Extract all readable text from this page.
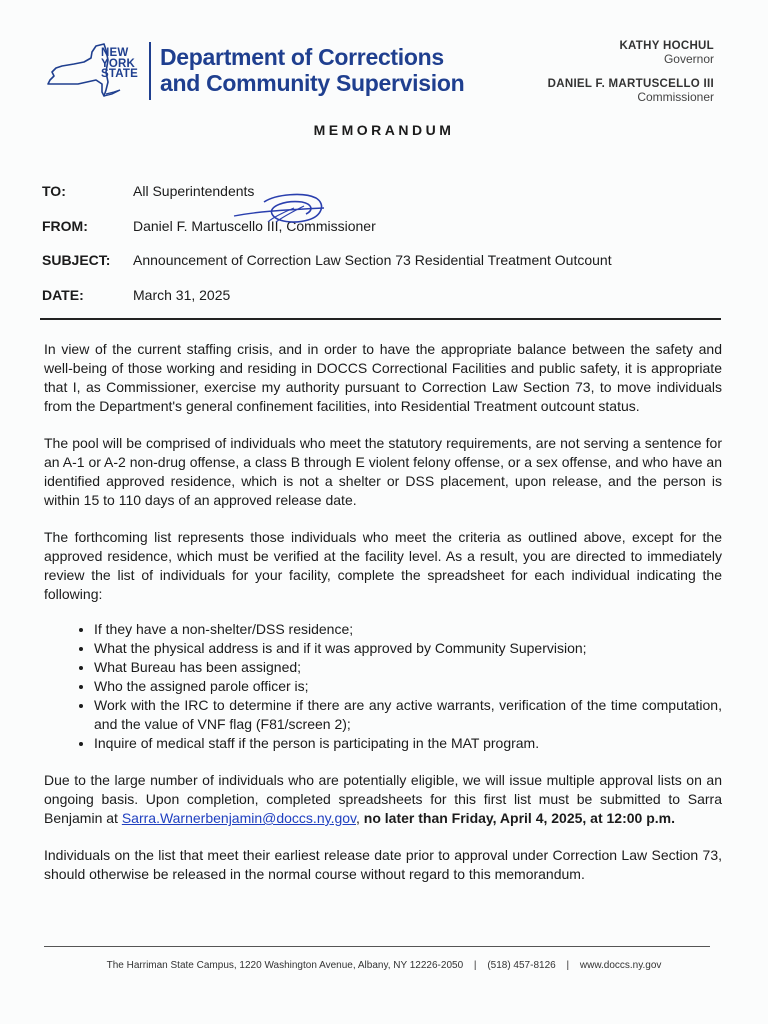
NEW
YORK
STATE
Department of Corrections
and Community Supervision
KATHY HOCHUL
Governor
DANIEL F. MARTUSCELLO III
Commissioner
MEMORANDUM
TO:	All Superintendents
FROM:	Daniel F. Martuscello III, Commissioner
SUBJECT: Announcement of Correction Law Section 73 Residential Treatment Outcount
DATE:	March 31, 2025

In view of the current staffing crisis, and in order to have the appropriate balance between the safety and well-being of those working and residing in DOCCS Correctional Facilities and public safety, it is appropriate that I, as Commissioner, exercise my authority pursuant to Correction Law Section 73, to move individuals from the Department's general confinement facilities, into Residential Treatment outcount status.

The pool will be comprised of individuals who meet the statutory requirements, are not serving a sentence for an A-1 or A-2 non-drug offense, a class B through E violent felony offense, or a sex offense, and who have an identified approved residence, which is not a shelter or DSS placement, upon release, and the person is within 15 to 110 days of an approved release date.

The forthcoming list represents those individuals who meet the criteria as outlined above, except for the approved residence, which must be verified at the facility level. As a result, you are directed to immediately review the list of individuals for your facility, complete the spreadsheet for each individual indicating the following:

• If they have a non-shelter/DSS residence;
• What the physical address is and if it was approved by Community Supervision;
• What Bureau has been assigned;
• Who the assigned parole officer is;
• Work with the IRC to determine if there are any active warrants, verification of the time computation, and the value of VNF flag (F81/screen 2);
• Inquire of medical staff if the person is participating in the MAT program.

Due to the large number of individuals who are potentially eligible, we will issue multiple approval lists on an ongoing basis. Upon completion, completed spreadsheets for this first list must be submitted to Sarra Benjamin at Sarra.Warnerbenjamin@doccs.ny.gov, no later than Friday, April 4, 2025, at 12:00 p.m.

Individuals on the list that meet their earliest release date prior to approval under Correction Law Section 73, should otherwise be released in the normal course without regard to this memorandum.

The Harriman State Campus, 1220 Washington Avenue, Albany, NY 12226-2050 | (518) 457-8126 | www.doccs.ny.gov
